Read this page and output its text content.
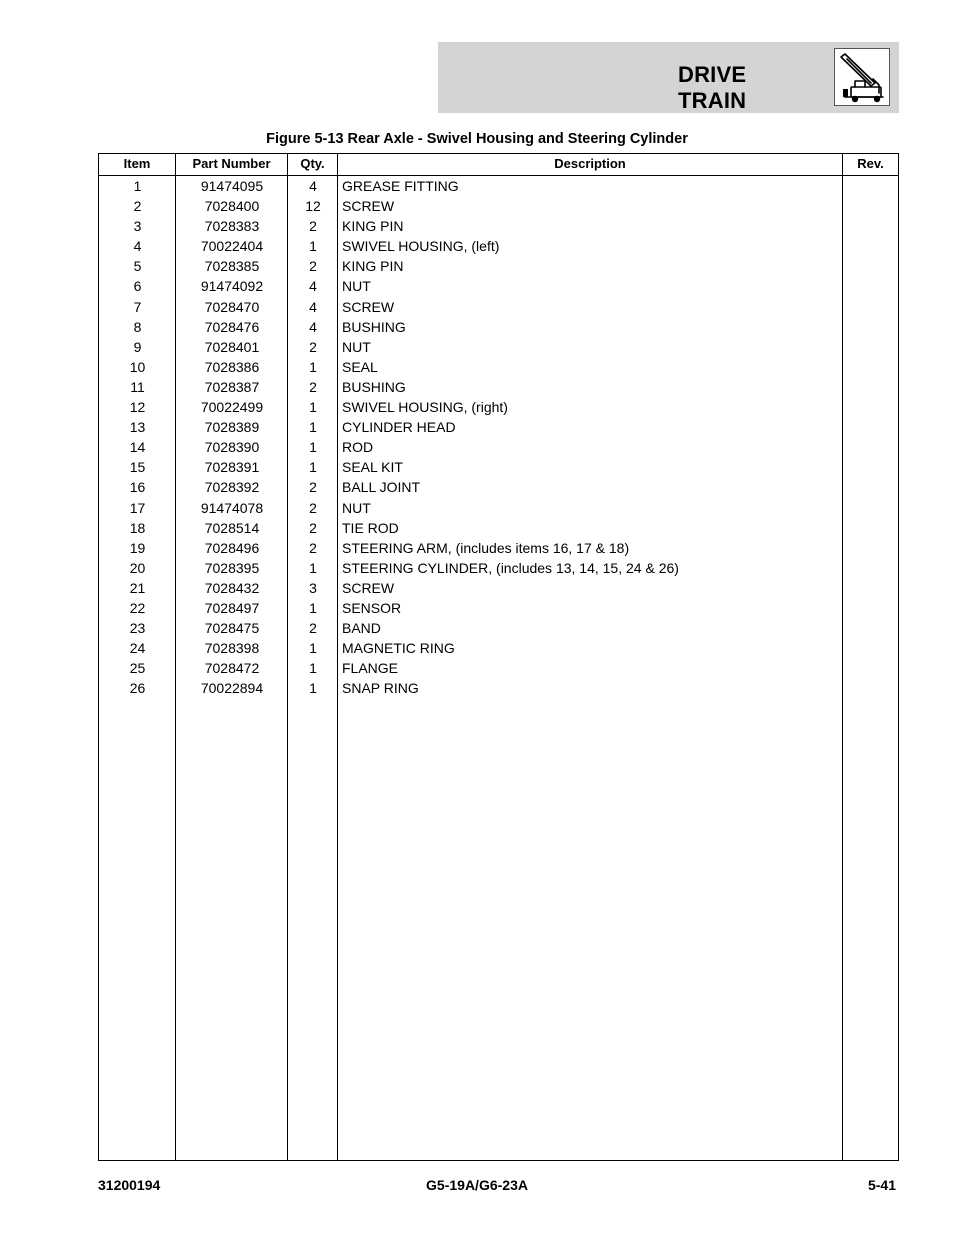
DRIVE TRAIN
Figure 5-13 Rear Axle - Swivel Housing and Steering Cylinder
Item	Part Number	Qty.	Description	Rev.
1	91474095	4	GREASE FITTING
2	7028400	12	SCREW
3	7028383	2	KING PIN
4	70022404	1	SWIVEL HOUSING, (left)
5	7028385	2	KING PIN
6	91474092	4	NUT
7	7028470	4	SCREW
8	7028476	4	BUSHING
9	7028401	2	NUT
10	7028386	1	SEAL
11	7028387	2	BUSHING
12	70022499	1	SWIVEL HOUSING, (right)
13	7028389	1	CYLINDER HEAD
14	7028390	1	ROD
15	7028391	1	SEAL KIT
16	7028392	2	BALL JOINT
17	91474078	2	NUT
18	7028514	2	TIE ROD
19	7028496	2	STEERING ARM, (includes items 16, 17 & 18)
20	7028395	1	STEERING CYLINDER, (includes 13, 14, 15, 24 & 26)
21	7028432	3	SCREW
22	7028497	1	SENSOR
23	7028475	2	BAND
24	7028398	1	MAGNETIC RING
25	7028472	1	FLANGE
26	70022894	1	SNAP RING
31200194	G5-19A/G6-23A	5-41
